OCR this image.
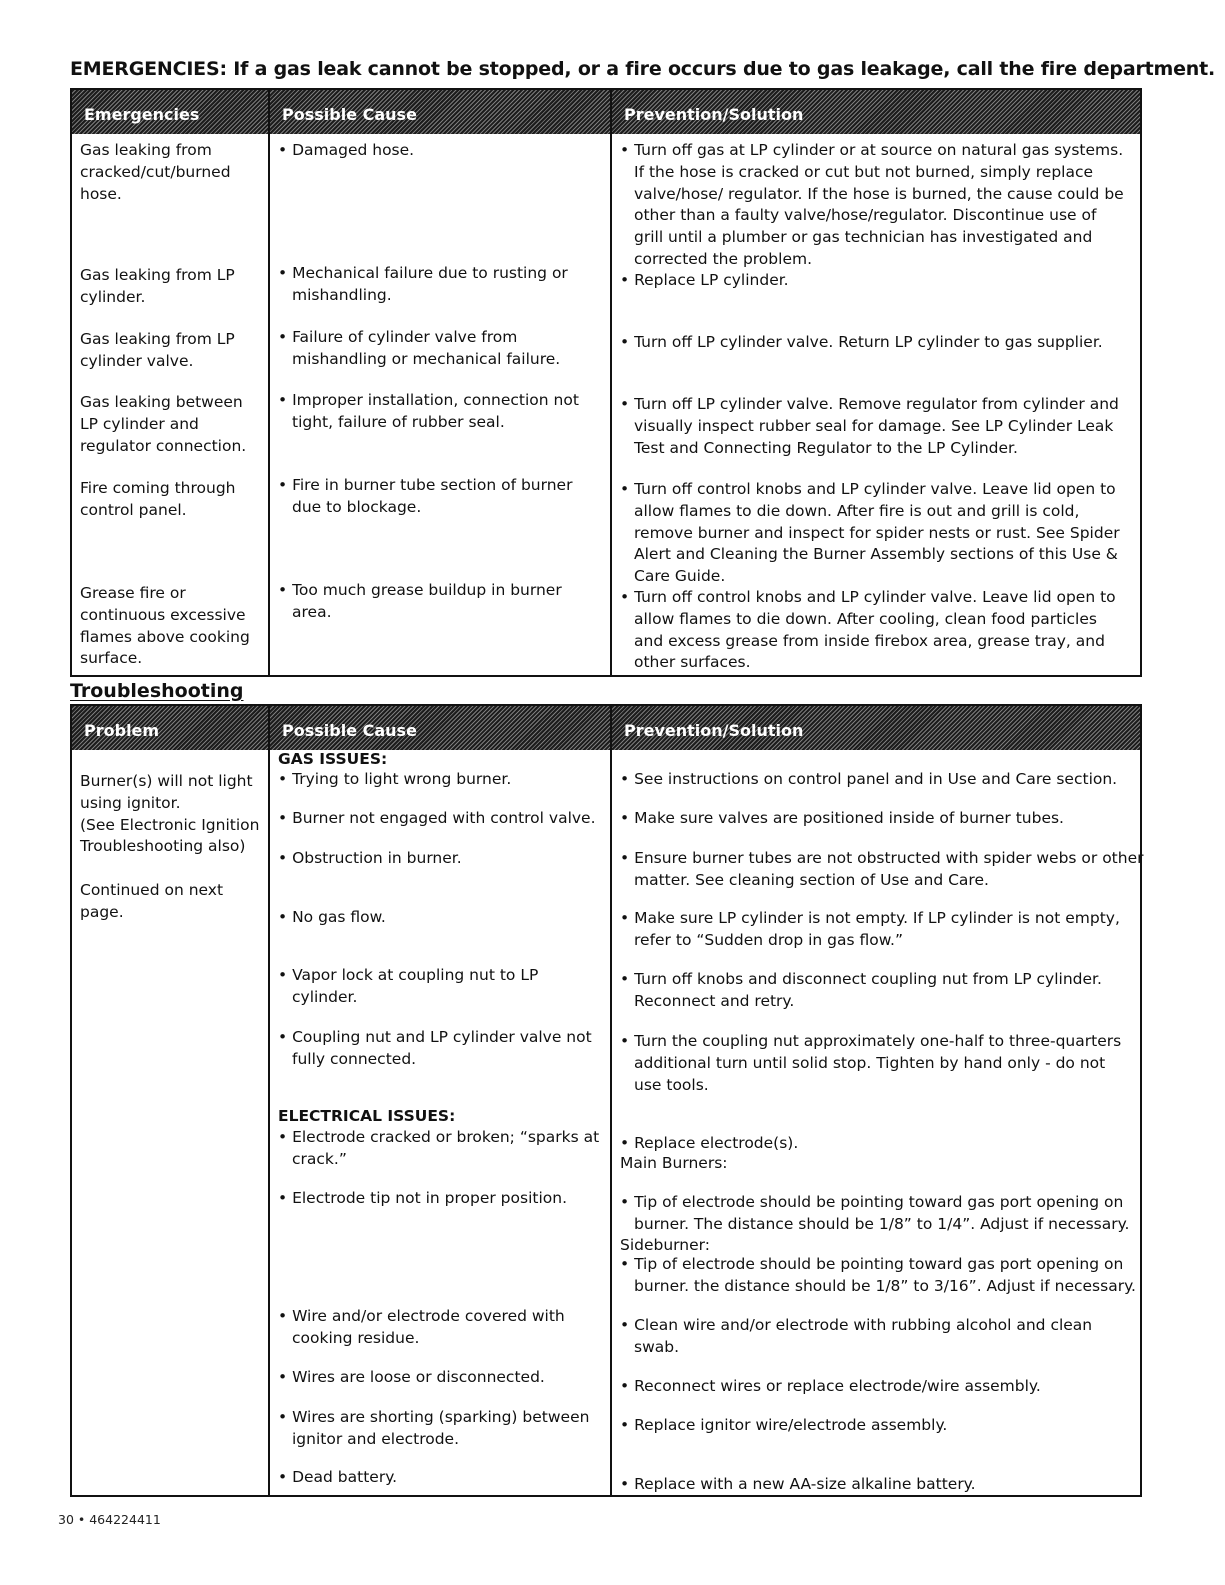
EMERGENCIES: If a gas leak cannot be stopped, or a fire occurs due to gas leakage, call the fire department.
Emergencies
Gas leaking from
cracked/cut/burned
hose.
Gas leaking from LP
cylinder.
Gas leaking from LP
cylinder valve.
Gas leaking between
LP cylinder and
regulator connection.
Fire coming through
control panel.
Grease fire or
continuous excessive
flames above cooking
surface.
Possible Cause
• Damaged hose.
• Mechanical failure due to rusting or
mishandling.
• Failure of cylinder valve from
mishandling or mechanical failure.
• Improper installation, connection not
tight, failure of rubber seal.
• Fire in burner tube section of burner
due to blockage.
• Too much grease buildup in burner
area.
Prevention/Solution
• Turn off gas at LP cylinder or at source on natural gas systems.
If the hose is cracked or cut but not burned, simply replace
valve/hose/ regulator. If the hose is burned, the cause could be
other than a faulty valve/hose/regulator. Discontinue use of
grill until a plumber or gas technician has investigated and
corrected the problem.
• Replace LP cylinder.
• Turn off LP cylinder valve. Return LP cylinder to gas supplier.
• Turn off LP cylinder valve. Remove regulator from cylinder and
visually inspect rubber seal for damage. See LP Cylinder Leak
Test and Connecting Regulator to the LP Cylinder.
• Turn off control knobs and LP cylinder valve. Leave lid open to
allow flames to die down. After fire is out and grill is cold,
remove burner and inspect for spider nests or rust. See Spider
Alert and Cleaning the Burner Assembly sections of this Use &
Care Guide.
• Turn off control knobs and LP cylinder valve. Leave lid open to
allow flames to die down. After cooling, clean food particles
and excess grease from inside firebox area, grease tray, and
other surfaces.
Troubleshooting
Problem
Burner(s) will not light
using ignitor.
(See Electronic Ignition
Troubleshooting also)
Continued on next
page.
Possible Cause
GAS ISSUES:
• Trying to light wrong burner.
• Burner not engaged with control valve.
• Obstruction in burner.
• No gas flow.
• Vapor lock at coupling nut to LP
cylinder.
• Coupling nut and LP cylinder valve not
fully connected.
ELECTRICAL ISSUES:
• Electrode cracked or broken; “sparks at
crack.”
• Electrode tip not in proper position.
• Wire and/or electrode covered with
cooking residue.
• Wires are loose or disconnected.
• Wires are shorting (sparking) between
ignitor and electrode.
• Dead battery.
Prevention/Solution
• See instructions on control panel and in Use and Care section.
• Make sure valves are positioned inside of burner tubes.
• Ensure burner tubes are not obstructed with spider webs or other
matter. See cleaning section of Use and Care.
• Make sure LP cylinder is not empty. If LP cylinder is not empty,
refer to “Sudden drop in gas flow.”
• Turn off knobs and disconnect coupling nut from LP cylinder.
Reconnect and retry.
• Turn the coupling nut approximately one-half to three-quarters
additional turn until solid stop. Tighten by hand only - do not
use tools.
• Replace electrode(s).
Main Burners:
• Tip of electrode should be pointing toward gas port opening on
burner. The distance should be 1/8” to 1/4”. Adjust if necessary.
Sideburner:
• Tip of electrode should be pointing toward gas port opening on
burner. the distance should be 1/8” to 3/16”. Adjust if necessary.
• Clean wire and/or electrode with rubbing alcohol and clean
swab.
• Reconnect wires or replace electrode/wire assembly.
• Replace ignitor wire/electrode assembly.
• Replace with a new AA-size alkaline battery.
30 • 464224411
